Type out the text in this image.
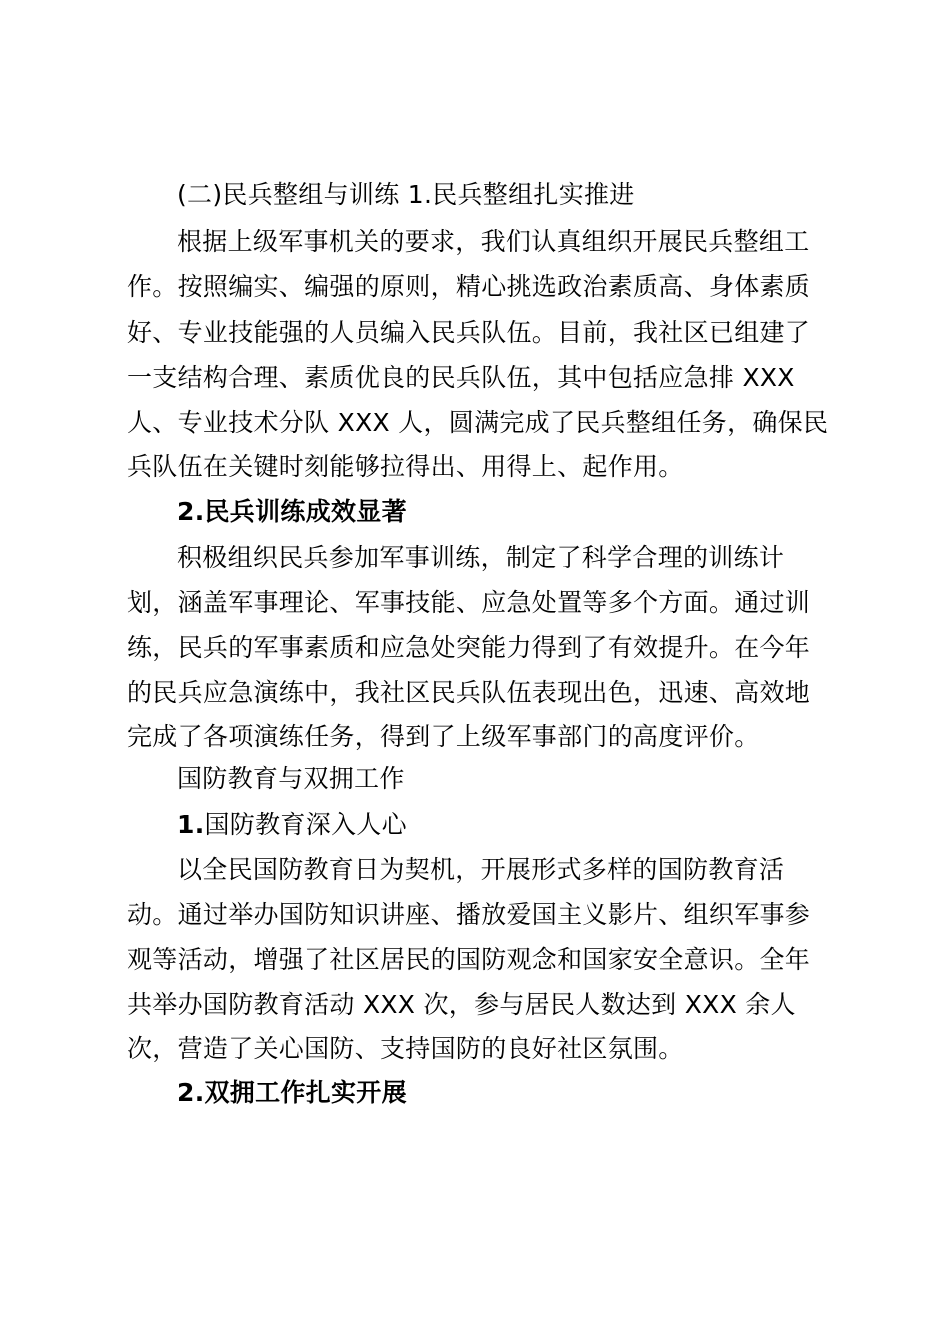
(二)民兵整组与训练 1.民兵整组扎实推进
根据上级军事机关的要求，我们认真组织开展民兵整组工
作。按照编实、编强的原则，精心挑选政治素质高、身体素质
好、专业技能强的人员编入民兵队伍。目前，我社区已组建了
一支结构合理、素质优良的民兵队伍，其中包括应急排 XXX
人、专业技术分队 XXX 人，圆满完成了民兵整组任务，确保民
兵队伍在关键时刻能够拉得出、用得上、起作用。
2.民兵训练成效显著
积极组织民兵参加军事训练，制定了科学合理的训练计
划，涵盖军事理论、军事技能、应急处置等多个方面。通过训
练，民兵的军事素质和应急处突能力得到了有效提升。在今年
的民兵应急演练中，我社区民兵队伍表现出色，迅速、高效地
完成了各项演练任务，得到了上级军事部门的高度评价。
国防教育与双拥工作
1.国防教育深入人心
以全民国防教育日为契机，开展形式多样的国防教育活
动。通过举办国防知识讲座、播放爱国主义影片、组织军事参
观等活动，增强了社区居民的国防观念和国家安全意识。全年
共举办国防教育活动 XXX 次，参与居民人数达到 XXX 余人
次，营造了关心国防、支持国防的良好社区氛围。
2.双拥工作扎实开展
